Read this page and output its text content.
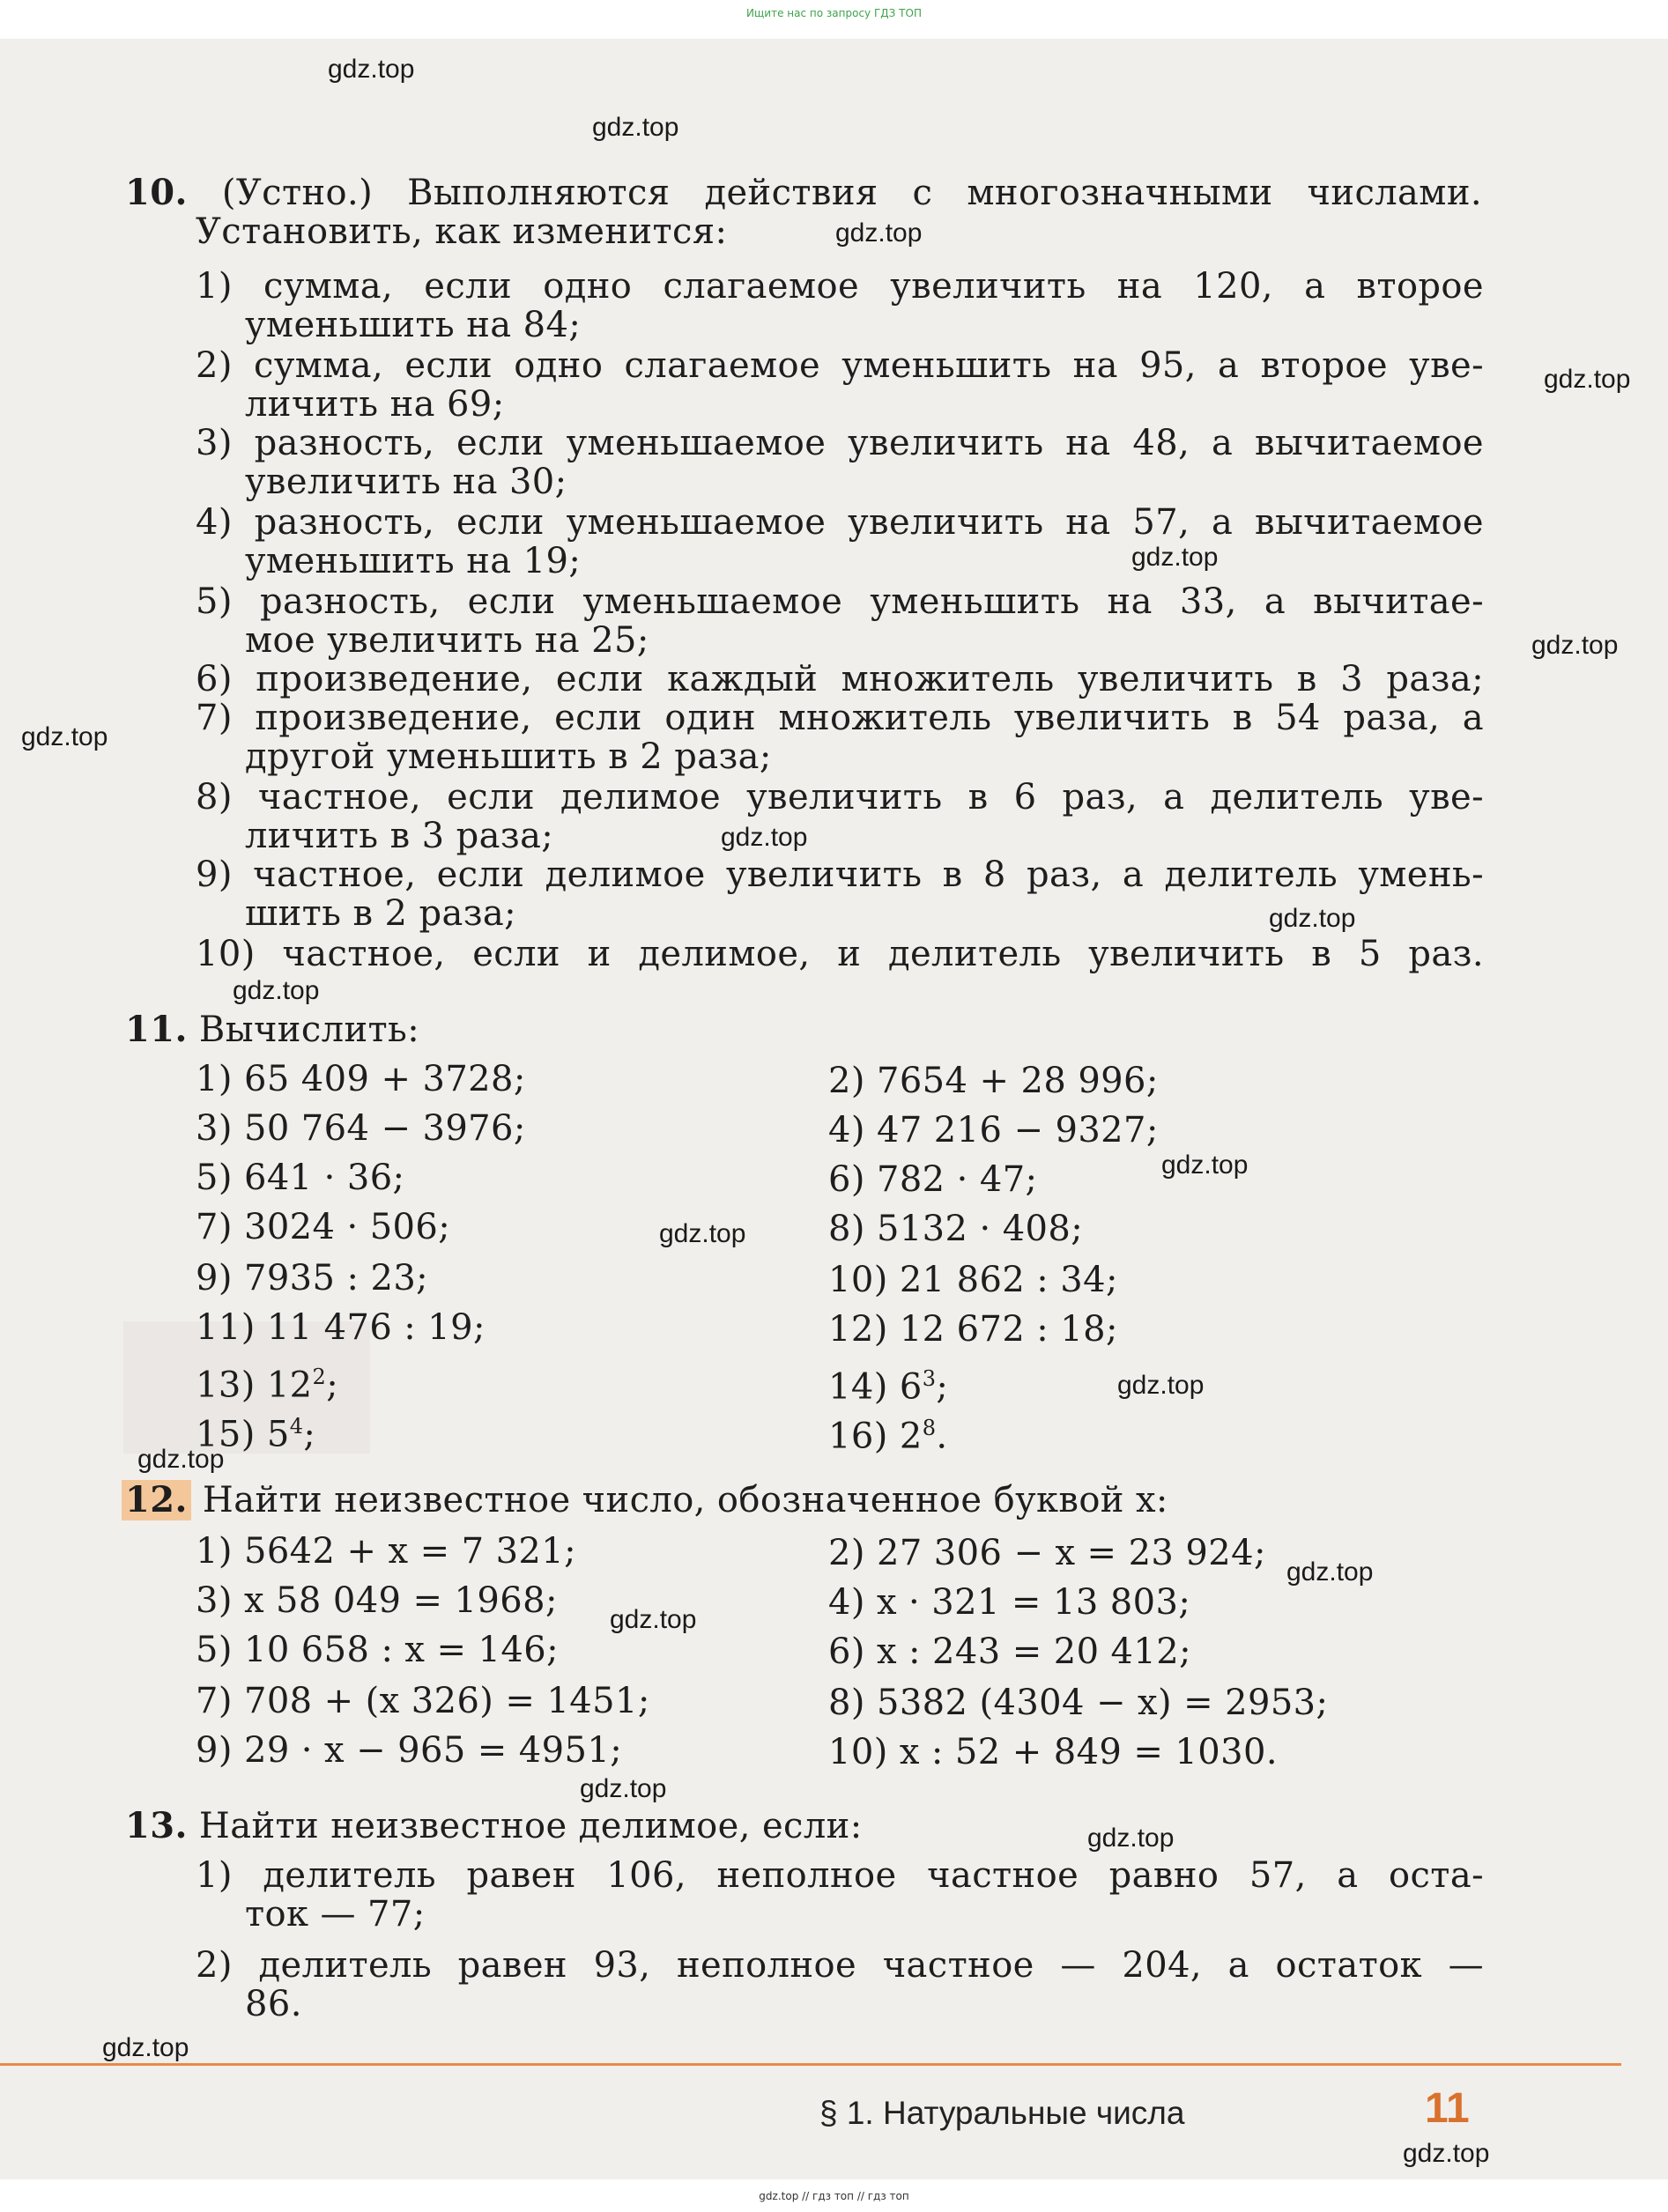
Ищите нас по запросу ГДЗ ТОП
10. (Устно.) Выполняются действия с многозначными числами.
Установить, как изменится:
1) сумма, если одно слагаемое увеличить на 120, а второе
уменьшить на 84;
2) сумма, если одно слагаемое уменьшить на 95, а второе уве-
личить на 69;
3) разность, если уменьшаемое увеличить на 48, а вычитаемое
увеличить на 30;
4) разность, если уменьшаемое увеличить на 57, а вычитаемое
уменьшить на 19;
5) разность, если уменьшаемое уменьшить на 33, а вычитае-
мое увеличить на 25;
6) произведение, если каждый множитель увеличить в 3 раза;
7) произведение, если один множитель увеличить в 54 раза, а
другой уменьшить в 2 раза;
8) частное, если делимое увеличить в 6 раз, а делитель уве-
личить в 3 раза;
9) частное, если делимое увеличить в 8 раз, а делитель умень-
шить в 2 раза;
10) частное, если и делимое, и делитель увеличить в 5 раз.
11. Вычислить:
1) 65 409 + 3728;
3) 50 764 − 3976;
5) 641 · 36;
7) 3024 · 506;
9) 7935 : 23;
11) 11 476 : 19;
13) $12^2$;
15) $5^4$;
2) 7654 + 28 996;
4) 47 216 − 9327;
6) 782 · 47;
8) 5132 · 408;
10) 21 862 : 34;
12) 12 672 : 18;
14) $6^3$;
16) $2^8$.
12. Найти неизвестное число, обозначенное буквой x:
1) 5642 + x = 7 321;
3) x 58 049 = 1968;
5) 10 658 : x = 146;
7) 708 + (x 326) = 1451;
9) 29 · x − 965 = 4951;
2) 27 306 − x = 23 924;
4) x · 321 = 13 803;
6) x : 243 = 20 412;
8) 5382 (4304 − x) = 2953;
10) x : 52 + 849 = 1030.
13. Найти неизвестное делимое, если:
1) делитель равен 106, неполное частное равно 57, а оста-
ток — 77;
2) делитель равен 93, неполное частное — 204, а остаток —
86.
§ 1. Натуральные числа	11
gdz.top
gdz.top
gdz.top
gdz.top
gdz.top
gdz.top
gdz.top
gdz.top
gdz.top
gdz.top
gdz.top
gdz.top
gdz.top
gdz.top
gdz.top
gdz.top
gdz.top
gdz.top
gdz.top
gdz.top
gdz.top // гдз топ // гдз топ
